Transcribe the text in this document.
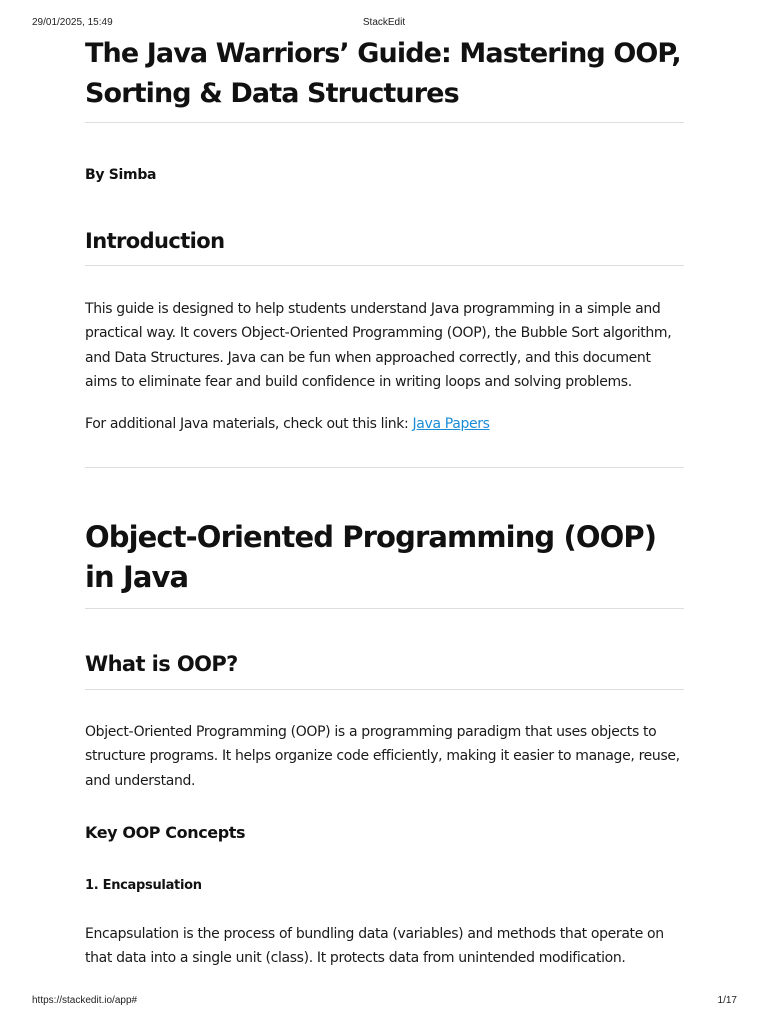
29/01/2025, 15:49	StackEdit
The Java Warriors’ Guide: Mastering OOP, Sorting & Data Structures

By Simba

Introduction

This guide is designed to help students understand Java programming in a simple and practical way. It covers Object-Oriented Programming (OOP), the Bubble Sort algorithm, and Data Structures. Java can be fun when approached correctly, and this document aims to eliminate fear and build confidence in writing loops and solving problems.

For additional Java materials, check out this link: Java Papers

Object-Oriented Programming (OOP) in Java
What is OOP?

Object-Oriented Programming (OOP) is a programming paradigm that uses objects to structure programs. It helps organize code efficiently, making it easier to manage, reuse, and understand.

Key OOP Concepts
1. Encapsulation

Encapsulation is the process of bundling data (variables) and methods that operate on that data into a single unit (class). It protects data from unintended modification.

https://stackedit.io/app#	1/17
